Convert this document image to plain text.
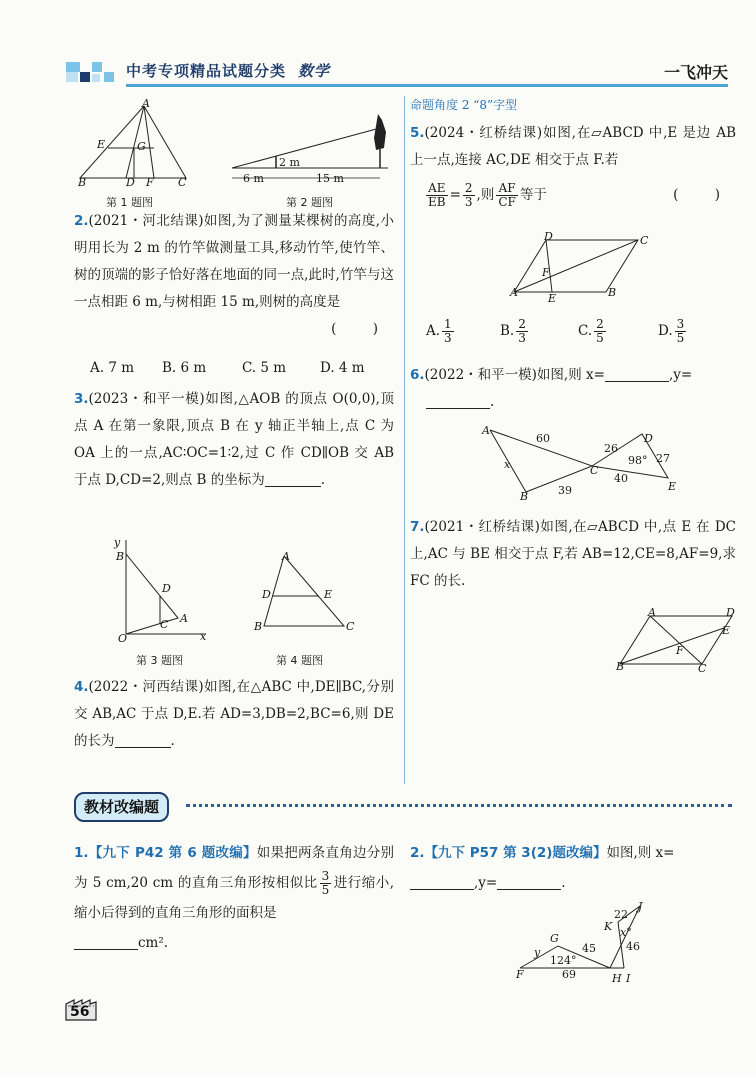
中考专项精品试题分类 数学	一飞冲天
A
E	G
B	D F C
第 1 题图
2 m
6 m	15 m
第 2 题图
2.(2021・河北结课)如图,为了测量某棵树的高度,小明用长为 2 m 的竹竿做测量工具,移动竹竿,使竹竿、树的顶端的影子恰好落在地面的同一点,此时,竹竿与这一点相距 6 m,与树相距 15 m,则树的高度是
( )
A. 7 m B. 6 m	C. 5 m	D. 4 m
3.(2023・和平一模)如图,△AOB 的顶点 O(0,0),顶点 A 在第一象限,顶点 B 在 y 轴正半轴上,点 C 为 OA 上的一点,AC∶OC=1∶2,过 C 作 CD∥OB 交 AB 于点 D,CD=2,则点 B 的坐标为	.
y
B
D
C A
O	x
第 3 题图
A
D	E
B	C
第 4 题图
4.(2022・河西结课)如图,在△ABC 中,DE∥BC,分别交 AB,AC 于点 D,E.若 AD=3,DB=2,BC=6,则 DE 的长为	.
命题角度 2 “8”字型
5.(2024・红桥结课)如图,在▱ABCD 中,E 是边 AB 上一点,连接 AC,DE 相交于点 F.若
$\frac{AE}{EB} = \frac{2}{3}$ ,则 $\frac{AF}{CF}$ 等于	( )
D	C
F
A	E	B
A. $\frac{1}{3}$	B. $\frac{2}{3}$	C. $\frac{2}{5}$	D. $\frac{3}{5}$
6.(2022・和平一模)如图,则 x=	,y=
.
A
60
26
D
98° 27
x	C
40
E
B	39
7.(2021・红桥结课)如图,在▱ABCD 中,点 E 在 DC 上,AC 与 BE 相交于点 F,若 AB=12,CE=8,AF=9,求 FC 的长.
A	D
F
E
B	C
教材改编题
1.【九下 P42 第 6 题改编】如果把两条直角边分别为 5 cm,20 cm 的直角三角形按相似比 $\frac{3}{5}$ 进行缩小,缩小后得到的直角三角形的面积是
cm².
2.【九下 P57 第 3(2)题改编】如图,则 x=
,y=	.
22
J
K x°
G
45	46
y
124°
F	69	H I
56
